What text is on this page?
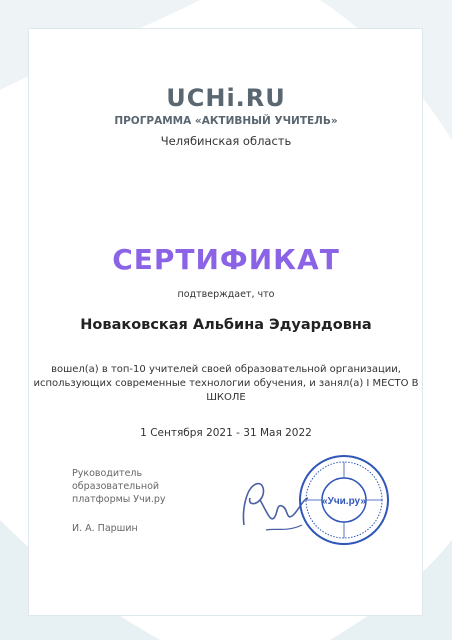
UCHi.RU
ПРОГРАММА «АКТИВНЫЙ УЧИТЕЛЬ»
Челябинская область
СЕРТИФИКАТ
подтверждает, что
Новаковская Альбина Эдуардовна
вошел(а) в топ-10 учителей своей образовательной организации, использующих современные технологии обучения, и занял(а) I МЕСТО В ШКОЛЕ
1 Сентября 2021 - 31 Мая 2022
Руководитель
образовательной
платформы Учи.ру
И. А. Паршин
«Учи.ру»
